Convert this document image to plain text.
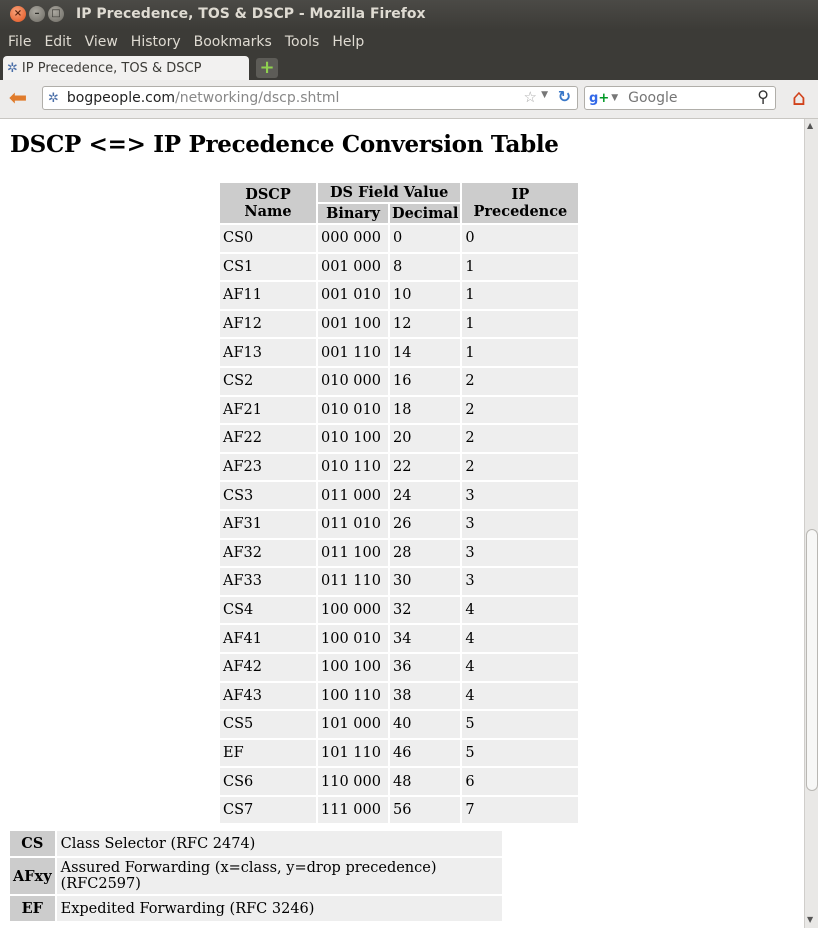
×	–	□ IP Precedence, TOS & DSCP - Mozilla Firefox
File Edit View History Bookmarks Tools Help
✲ IP Precedence, TOS & DSCP	+
⬅ ✲ bogpeople.com /networking/dscp.shtml	☆ ▼ ↻ g+ ▼
Google	⚲ ⌂
DSCP <=> IP Precedence Conversion Table
DSCP Name	DS Field Value		IP Precedence
	Binary	Decimal	
CS0	000 000	0	0
CS1	001 000	8	1
AF11	001 010	10	1
AF12	001 100	12	1
AF13	001 110	14	1
CS2	010 000	16	2
AF21	010 010	18	2
AF22	010 100	20	2
AF23	010 110	22	2
CS3	011 000	24	3
AF31	011 010	26	3
AF32	011 100	28	3
AF33	011 110	30	3
CS4	100 000	32	4
AF41	100 010	34	4
AF42	100 100	36	4
AF43	100 110	38	4
CS5	101 000	40	5
EF	101 110	46	5
CS6	110 000	48	6
CS7	111 000	56	7
CS	Class Selector (RFC 2474)
AFxy	Assured Forwarding (x=class, y=drop precedence) (RFC2597)
EF	Expedited Forwarding (RFC 3246)
▲
▼
